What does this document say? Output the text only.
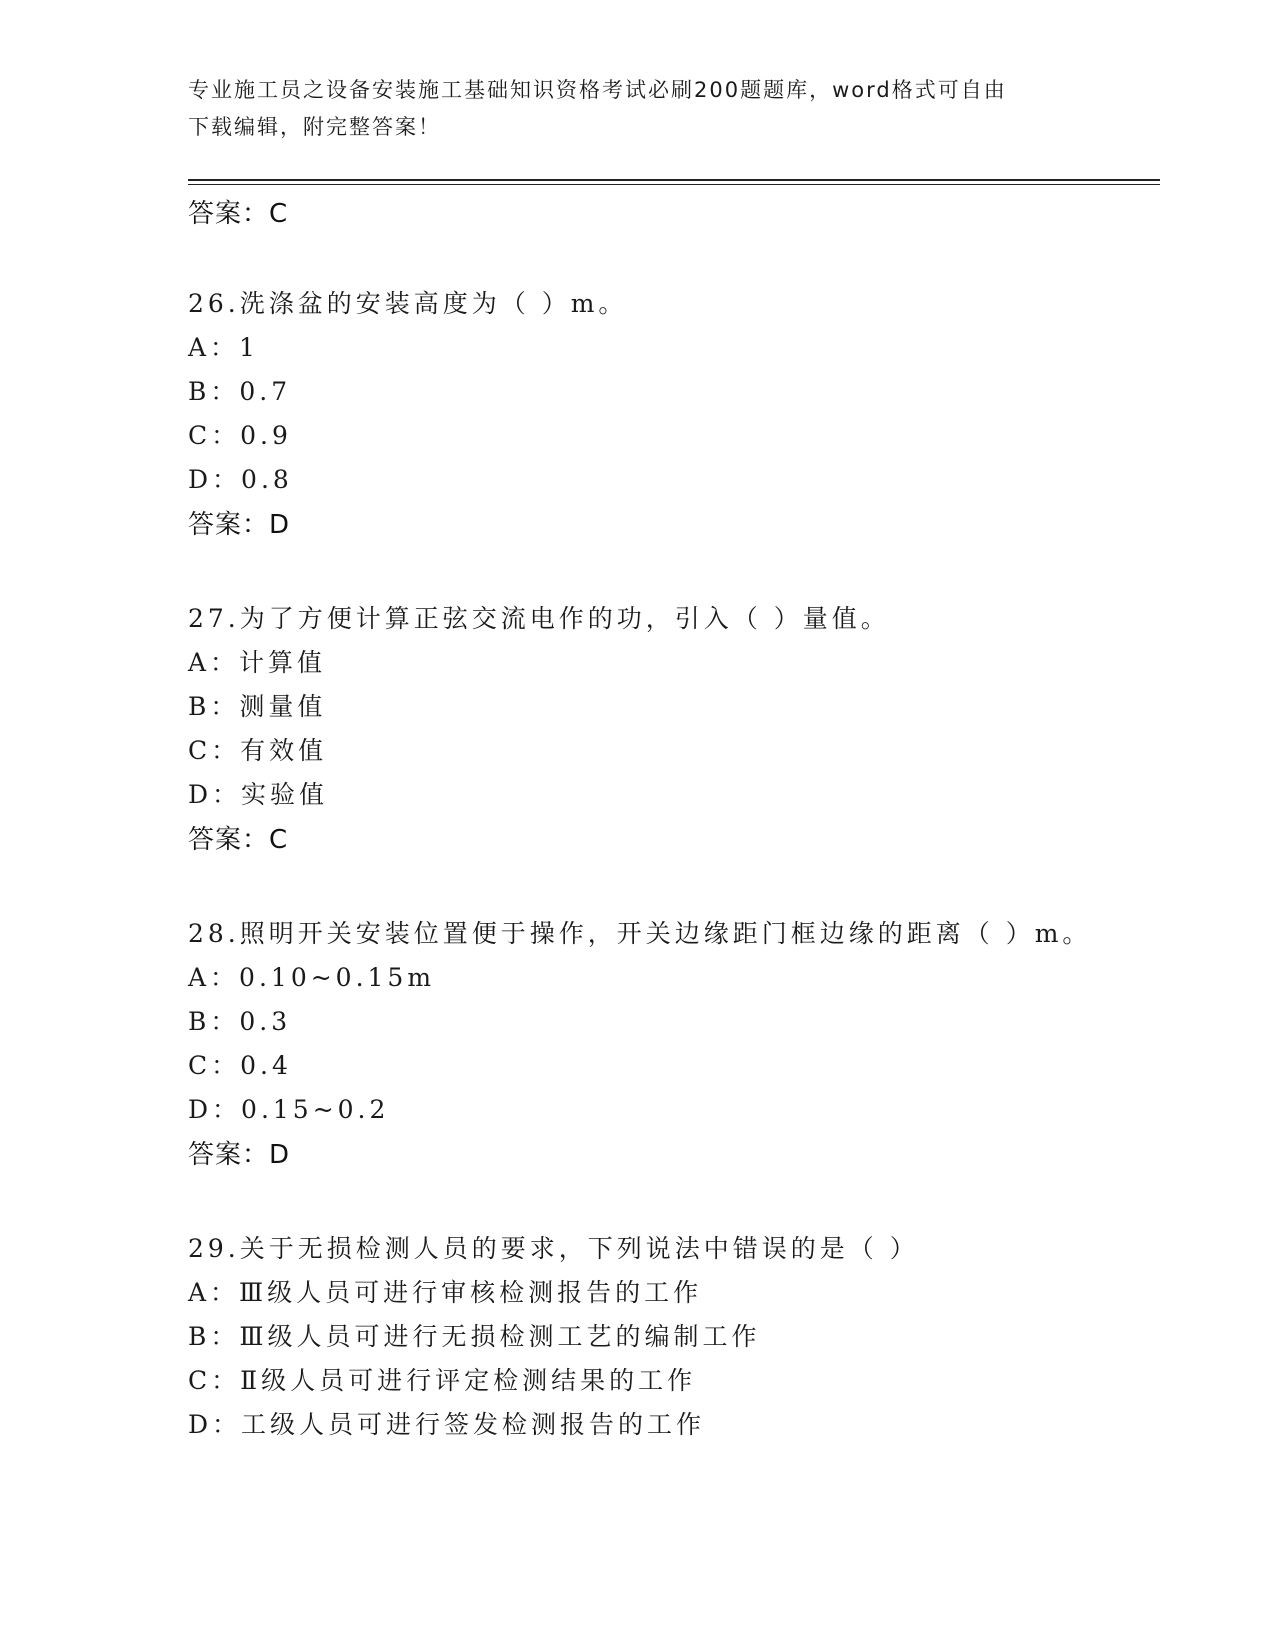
专业施工员之设备安装施工基础知识资格考试必刷200题题库，word格式可自由
下载编辑，附完整答案！
答案：C
26.洗涤盆的安装高度为（ ）m。
A：1
B：0.7
C：0.9
D：0.8
答案：D
27.为了方便计算正弦交流电作的功，引入（ ）量值。
A：计算值
B：测量值
C：有效值
D：实验值
答案：C
28.照明开关安装位置便于操作，开关边缘距门框边缘的距离（ ）m。
A：0.10~0.15m
B：0.3
C：0.4
D：0.15~0.2
答案：D
29.关于无损检测人员的要求，下列说法中错误的是（ ）
A：Ⅲ级人员可进行审核检测报告的工作
B：Ⅲ级人员可进行无损检测工艺的编制工作
C：Ⅱ级人员可进行评定检测结果的工作
D：工级人员可进行签发检测报告的工作
